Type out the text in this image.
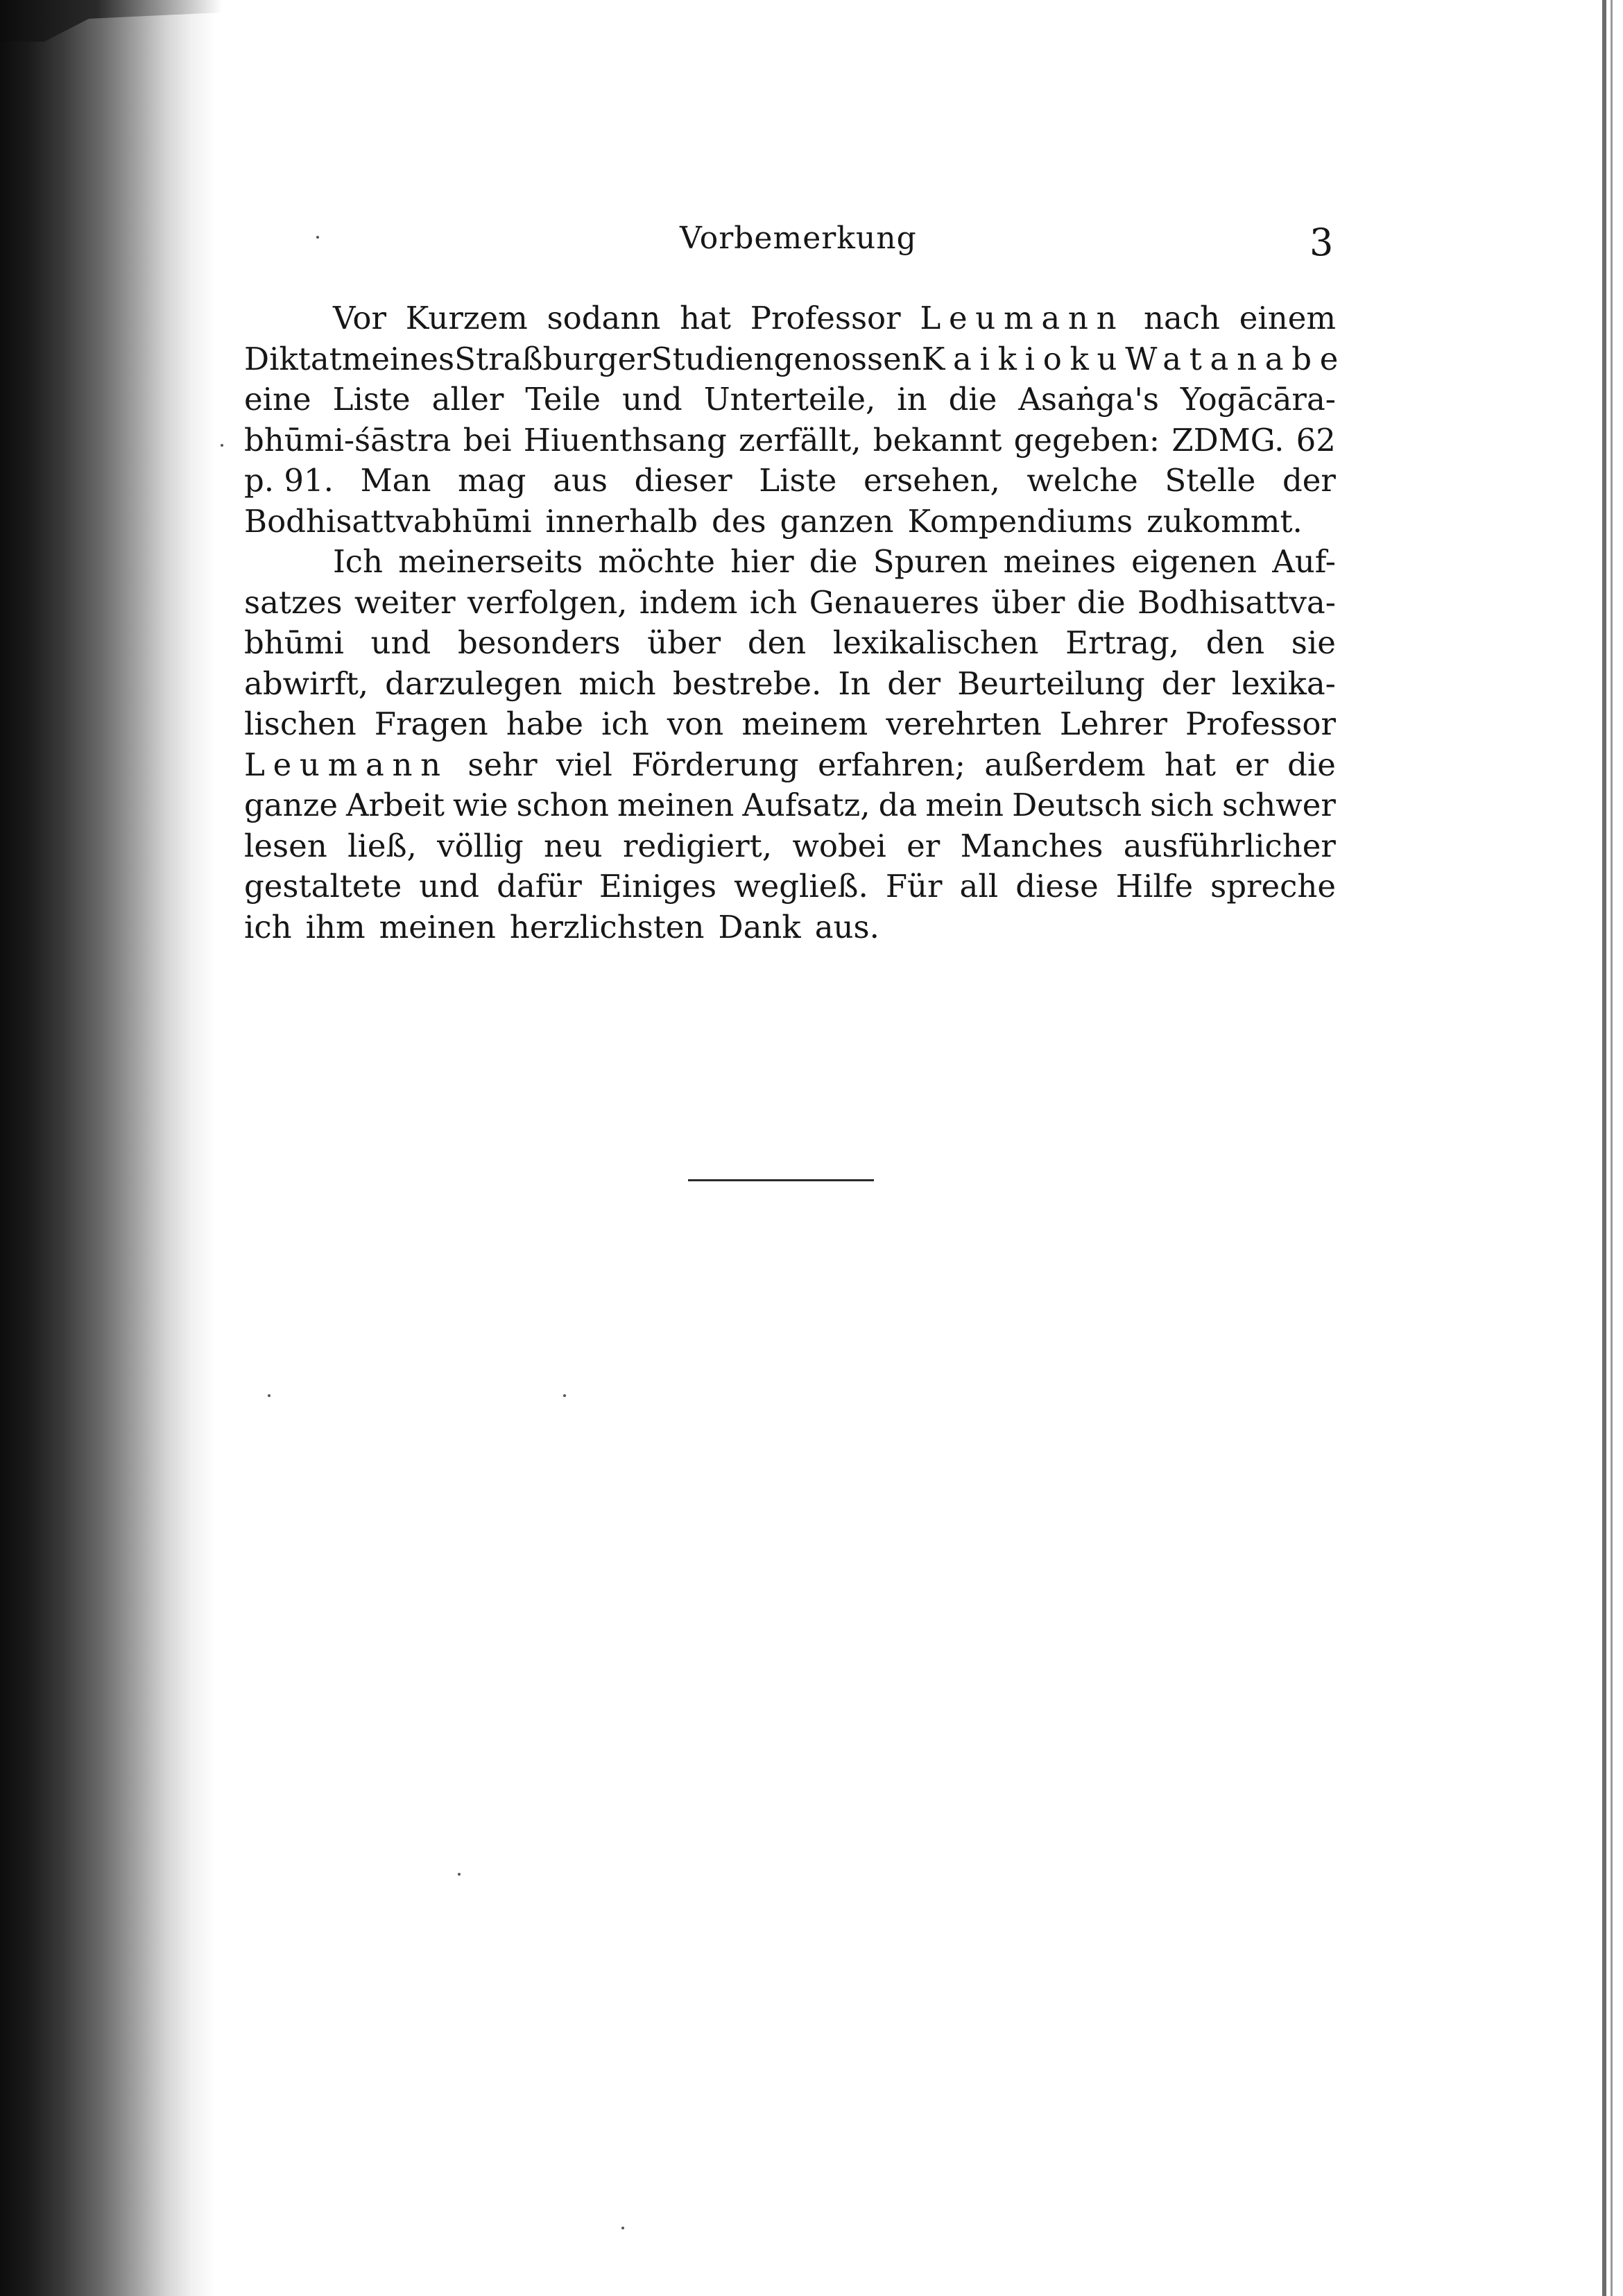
Vorbemerkung	3
Vor Kurzem sodann hat Professor Leumann nach einem
Diktat meines Straßburger Studiengenossen Kaikioku Watanabe
eine Liste aller Teile und Unterteile, in die Asaṅga's Yogācāra-
bhūmi-śāstra bei Hiuenthsang zerfällt, bekannt gegeben: ZDMG. 62
p. 91. Man mag aus dieser Liste ersehen, welche Stelle der
Bodhisattvabhūmi innerhalb des ganzen Kompendiums zukommt.
Ich meinerseits möchte hier die Spuren meines eigenen Auf-
satzes weiter verfolgen, indem ich Genaueres über die Bodhisattva-
bhūmi und besonders über den lexikalischen Ertrag, den sie
abwirft, darzulegen mich bestrebe. In der Beurteilung der lexika-
lischen Fragen habe ich von meinem verehrten Lehrer Professor
Leumann sehr viel Förderung erfahren; außerdem hat er die
ganze Arbeit wie schon meinen Aufsatz, da mein Deutsch sich schwer
lesen ließ, völlig neu redigiert, wobei er Manches ausführlicher
gestaltete und dafür Einiges wegließ. Für all diese Hilfe spreche
ich ihm meinen herzlichsten Dank aus.
